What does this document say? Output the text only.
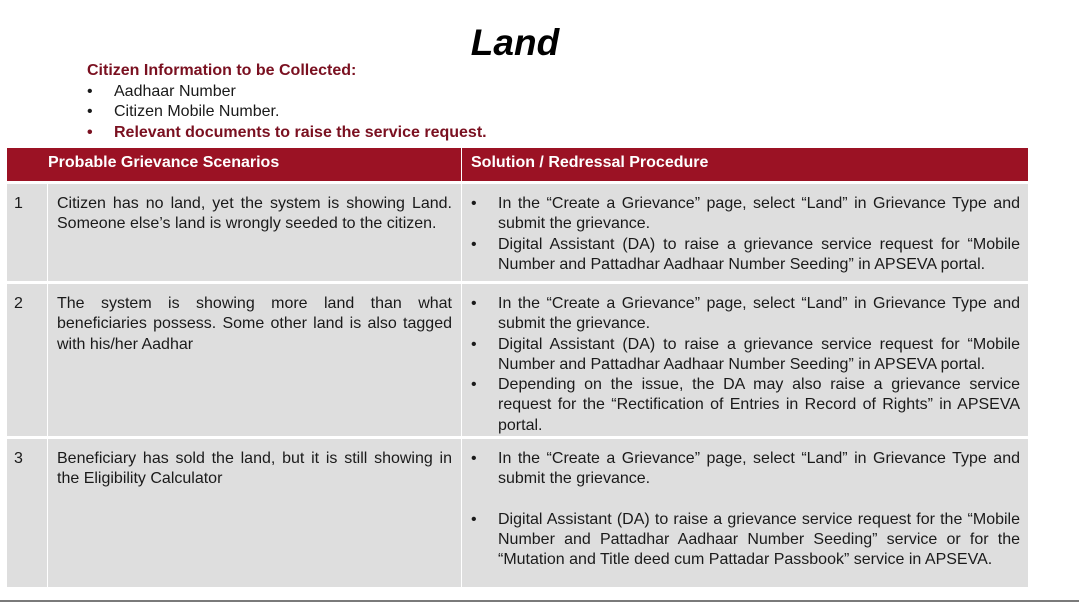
Land
Citizen Information to be Collected:
• Aadhaar Number
• Citizen Mobile Number.
• Relevant documents to raise the service request.
Probable Grievance Scenarios	Solution / Redressal Procedure
1	Citizen has no land, yet the system is showing Land. Someone else’s land is wrongly seeded to the citizen.

• In the “Create a Grievance” page, select “Land” in Grievance Type and submit the grievance.
• Digital Assistant (DA) to raise a grievance service request for “Mobile Number and Pattadhar Aadhaar Number Seeding” in APSEVA portal.
2	The system is showing more land than what beneficiaries possess. Some other land is also tagged with his/her Aadhar

• In the “Create a Grievance” page, select “Land” in Grievance Type and submit the grievance.
• Digital Assistant (DA) to raise a grievance service request for “Mobile Number and Pattadhar Aadhaar Number Seeding” in APSEVA portal.
• Depending on the issue, the DA may also raise a grievance service request for the “Rectification of Entries in Record of Rights” in APSEVA portal.
3	Beneficiary has sold the land, but it is still showing in the Eligibility Calculator

• In the “Create a Grievance” page, select “Land” in Grievance Type and submit the grievance.
• Digital Assistant (DA) to raise a grievance service request for the “Mobile Number and Pattadhar Aadhaar Number Seeding” service or for the “Mutation and Title deed cum Pattadar Passbook” service in APSEVA.
